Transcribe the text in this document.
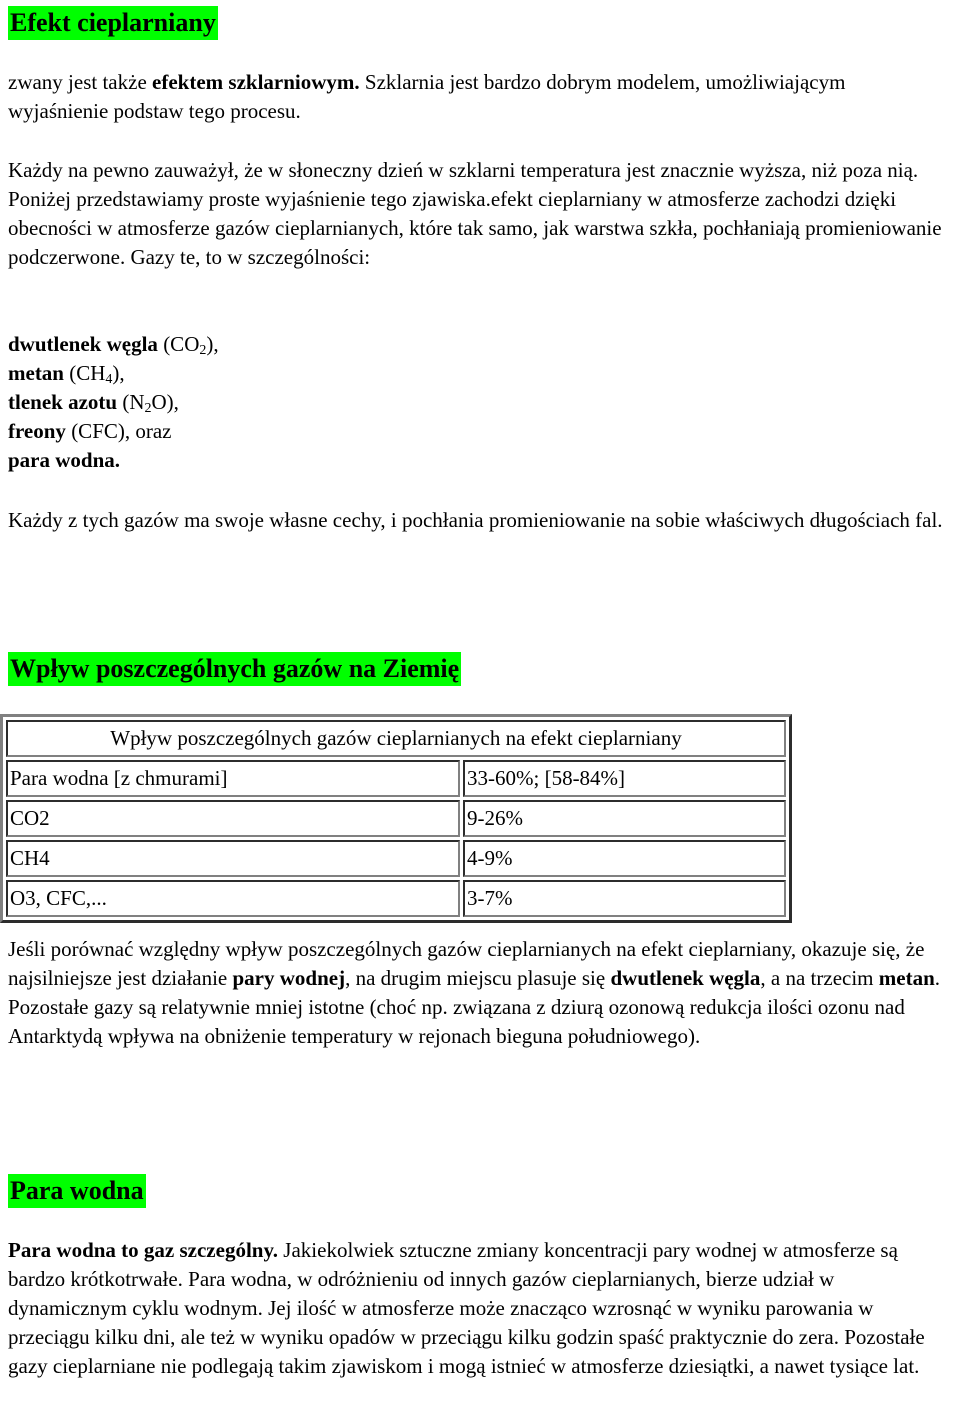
Efekt cieplarniany

zwany jest także efektem szklarniowym. Szklarnia jest bardzo dobrym modelem, umożliwiającym wyjaśnienie podstaw tego procesu.

Każdy na pewno zauważył, że w słoneczny dzień w szklarni temperatura jest znacznie wyższa, niż poza nią. Poniżej przedstawiamy proste wyjaśnienie tego zjawiska.efekt cieplarniany w atmosferze zachodzi dzięki obecności w atmosferze gazów cieplarnianych, które tak samo, jak warstwa szkła, pochłaniają promieniowanie podczerwone. Gazy te, to w szczególności:

dwutlenek węgla $(CO_2)$,
metan $(CH_4)$,
tlenek azotu $(N_2O)$,
freony (CFC), oraz
para wodna.

Każdy z tych gazów ma swoje własne cechy, i pochłania promieniowanie na sobie właściwych długościach fal.

Wpływ poszczególnych gazów na Ziemię
Wpływ poszczególnych gazów cieplarnianych na efekt cieplarniany	
Para wodna [z chmurami]	33-60%; [58-84%]
CO2	9-26%
CH4	4-9%
O3, CFC,...	3-7%

Jeśli porównać względny wpływ poszczególnych gazów cieplarnianych na efekt cieplarniany, okazuje się, że najsilniejsze jest działanie pary wodnej, na drugim miejscu plasuje się dwutlenek węgla, a na trzecim metan. Pozostałe gazy są relatywnie mniej istotne (choć np. związana z dziurą ozonową redukcja ilości ozonu nad Antarktydą wpływa na obniżenie temperatury w rejonach bieguna południowego).

Para wodna

Para wodna to gaz szczególny. Jakiekolwiek sztuczne zmiany koncentracji pary wodnej w atmosferze są bardzo krótkotrwałe. Para wodna, w odróżnieniu od innych gazów cieplarnianych, bierze udział w dynamicznym cyklu wodnym. Jej ilość w atmosferze może znacząco wzrosnąć w wyniku parowania w przeciągu kilku dni, ale też w wyniku opadów w przeciągu kilku godzin spaść praktycznie do zera. Pozostałe gazy cieplarniane nie podlegają takim zjawiskom i mogą istnieć w atmosferze dziesiątki, a nawet tysiące lat.
